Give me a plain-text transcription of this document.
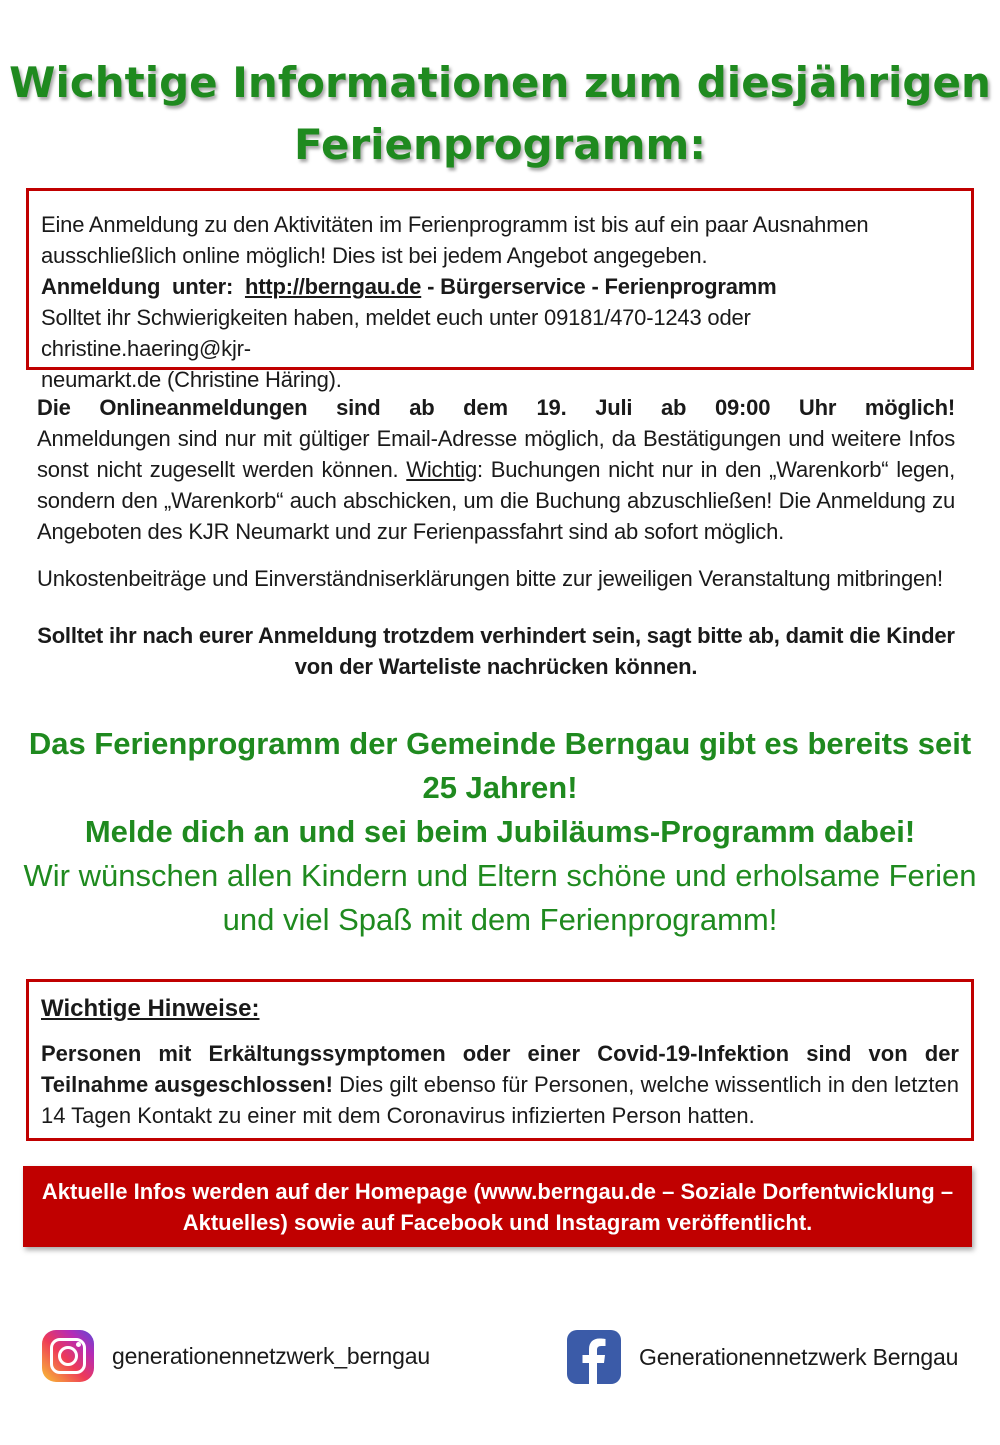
Wichtige Informationen zum diesjährigen
Ferienprogramm:

Eine Anmeldung zu den Aktivitäten im Ferienprogramm ist bis auf ein paar Ausnahmen

ausschließlich online möglich! Dies ist bei jedem Angebot angegeben.

Anmeldung  unter:  http://berngau.de - Bürgerservice - Ferienprogramm

Solltet ihr Schwierigkeiten haben, meldet euch unter 09181/470-1243 oder christine.haering@kjr-

neumarkt.de (Christine Häring).

Die Onlineanmeldungen sind ab dem 19. Juli ab 09:00 Uhr möglich!
Anmeldungen sind nur mit gültiger Email-Adresse möglich, da Bestätigungen und weitere Infos sonst nicht zugesellt werden können. Wichtig: Buchungen nicht nur in den „Warenkorb“ legen, sondern den „Warenkorb“ auch abschicken, um die Buchung abzuschließen! Die Anmeldung zu Angeboten des KJR Neumarkt und zur Ferienpassfahrt sind ab sofort möglich.
Unkostenbeiträge und Einverständniserklärungen bitte zur jeweiligen Veranstaltung mitbringen!
Solltet ihr nach eurer Anmeldung trotzdem verhindert sein, sagt bitte ab, damit die Kinder
von der Warteliste nachrücken können.
Das Ferienprogramm der Gemeinde Berngau gibt es bereits seit
25 Jahren!
Melde dich an und sei beim Jubiläums-Programm dabei!
Wir wünschen allen Kindern und Eltern schöne und erholsame Ferien
und viel Spaß mit dem Ferienprogramm!

Wichtige Hinweise:

Personen mit Erkältungssymptomen oder einer Covid-19-Infektion sind von der Teilnahme ausgeschlossen! Dies gilt ebenso für Personen, welche wissentlich in den letzten 14 Tagen Kontakt zu einer mit dem Coronavirus infizierten Person hatten.

Aktuelle Infos werden auf der Homepage (www.berngau.de – Soziale Dorfentwicklung –
Aktuelles) sowie auf Facebook und Instagram veröffentlicht.
generationennetzwerk_berngau	Generationennetzwerk Berngau
